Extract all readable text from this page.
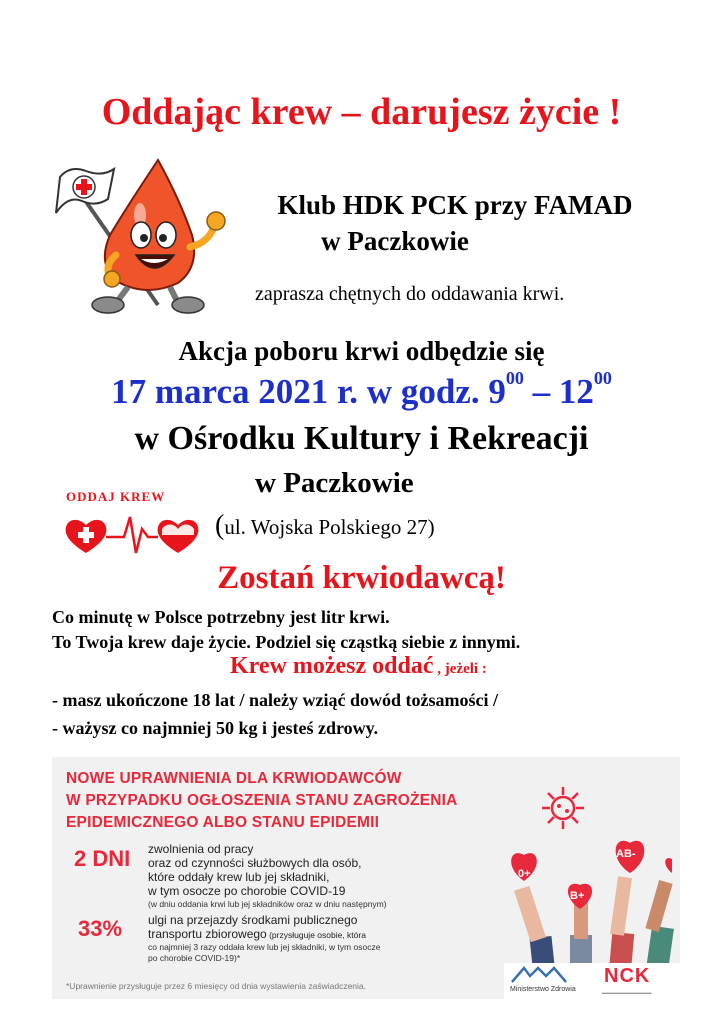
Oddając krew – darujesz życie !
Klub HDK PCK przy FAMAD
w Paczkowie
zaprasza chętnych do oddawania krwi.
Akcja poboru krwi odbędzie się
17 marca 2021 r. w godz. $9^{00} - 12^{00}$
w Ośrodku Kultury i Rekreacji
w Paczkowie
(ul. Wojska Polskiego 27)
ODDAJ KREW
Zostań krwiodawcą!
Co minutę w Polsce potrzebny jest litr krwi.
To Twoja krew daje życie. Podziel się cząstką siebie z innymi.
Krew możesz oddać , jeżeli :
- masz ukończone 18 lat / należy wziąć dowód tożsamości /
- ważysz co najmniej 50 kg i jesteś zdrowy.
NOWE UPRAWNIENIA DLA KRWIODAWCÓW
W PRZYPADKU OGŁOSZENIA STANU ZAGROŻENIA
EPIDEMICZNEGO ALBO STANU EPIDEMII
2 DNI zwolnienia od pracy
oraz od czynności służbowych dla osób,
które oddały krew lub jej składniki,
w tym osocze po chorobie COVID-19
(w dniu oddania krwi lub jej składników oraz w dniu następnym)
33% ulgi na przejazdy środkami publicznego
transportu zbiorowego (przysługuje osobie, która
co najmniej 3 razy oddała krew lub jej składniki, w tym osocze
po chorobie COVID-19)*
*Uprawnienie przysługuje przez 6 miesięcy od dnia wystawienia zaświadczenia.
0+
B+
AB-
Ministerstwo Zdrowia
NCK
▬▬▬▬▬▬▬▬▬▬▬
